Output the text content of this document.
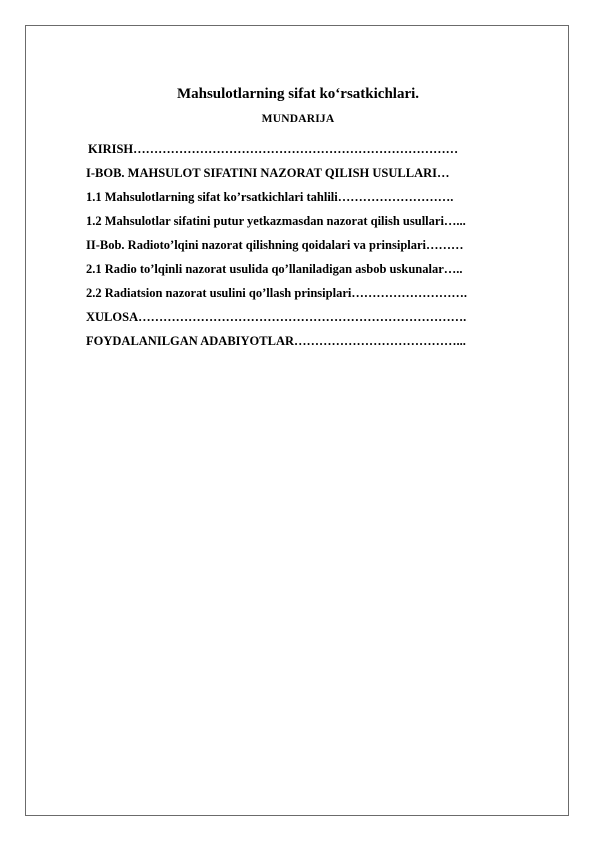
Mahsulotlarning sifat ko‘rsatkichlari.
MUNDARIJA
KIRISH……………………………………………………………………
I-BOB. MAHSULOT SIFATINI NAZORAT QILISH USULLARI…
1.1 Mahsulotlarning sifat ko’rsatkichlari tahlili……………………….
1.2 Mahsulotlar sifatini putur yetkazmasdan nazorat qilish usullari…...
II-Bob. Radioto’lqini nazorat qilishning qoidalari va prinsiplari………
2.1 Radio to’lqinli nazorat usulida qo’llaniladigan asbob uskunalar…..
2.2 Radiatsion nazorat usulini qo’llash prinsiplari……………………….
XULOSA…………………………………………………………………….
FOYDALANILGAN ADABIYOTLAR…………………………………...
